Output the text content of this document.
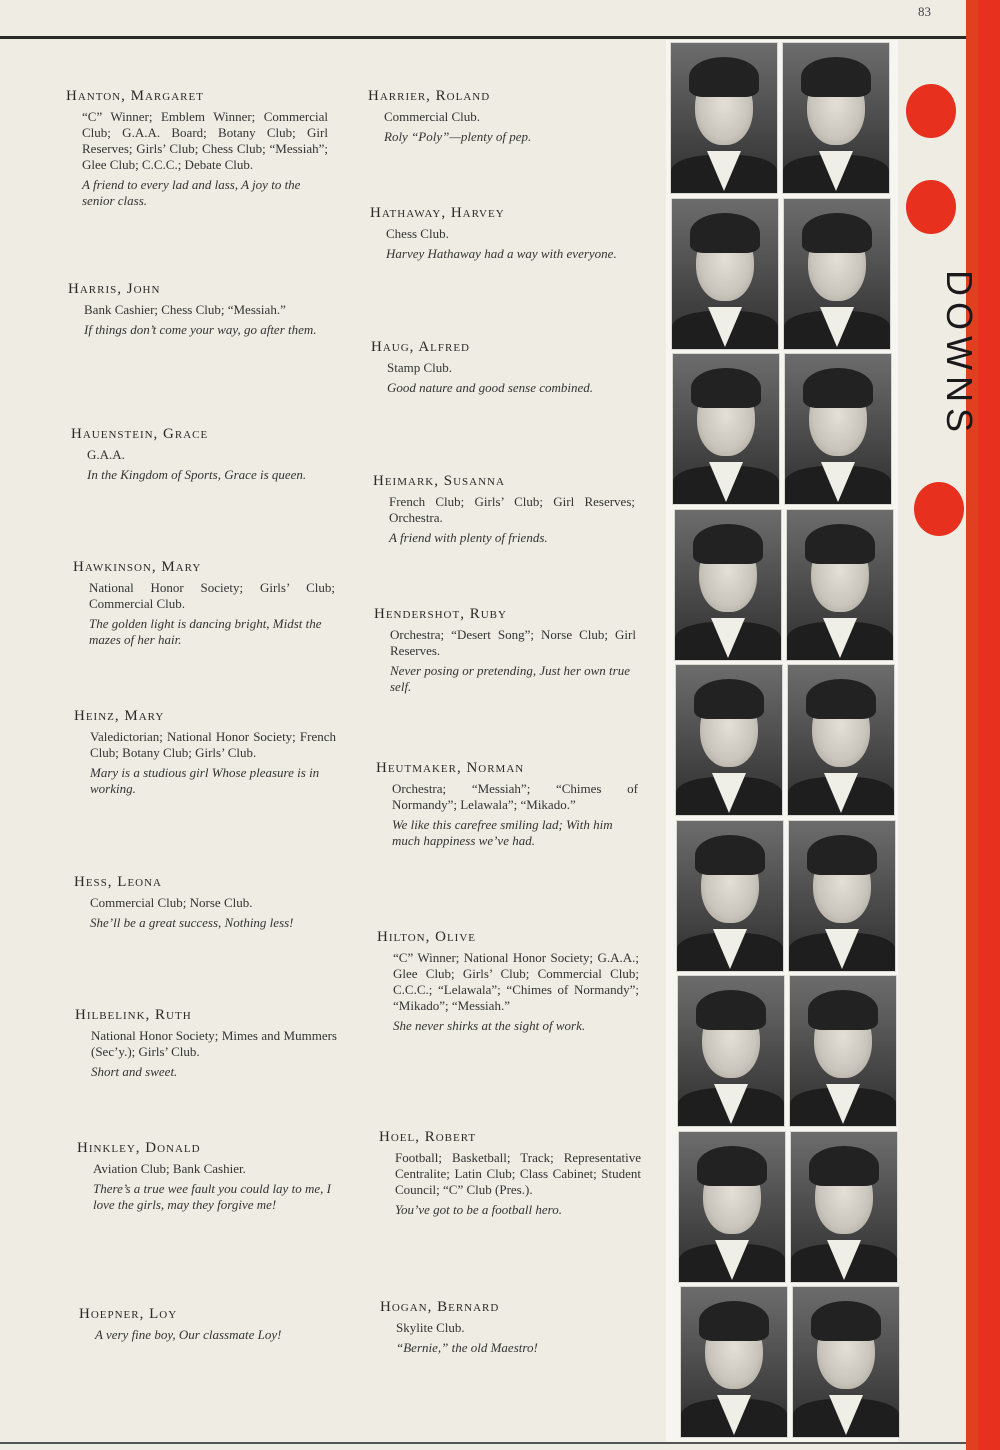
83
DOWNS
Hanton, Margaret
“C” Winner; Emblem Winner; Commercial Club; G.A.A. Board; Botany Club; Girl Reserves; Girls’ Club; Chess Club; “Messiah”; Glee Club; C.C.C.; Debate Club.
A friend to every lad and lass, A joy to the senior class.
Harris, John
Bank Cashier; Chess Club; “Messiah.”
If things don’t come your way, go after them.
Hauenstein, Grace
G.A.A.
In the Kingdom of Sports, Grace is queen.
Hawkinson, Mary
National Honor Society; Girls’ Club; Commercial Club.
The golden light is dancing bright, Midst the mazes of her hair.
Heinz, Mary
Valedictorian; National Honor Society; French Club; Botany Club; Girls’ Club.
Mary is a studious girl Whose pleasure is in working.
Hess, Leona
Commercial Club; Norse Club.
She’ll be a great success, Nothing less!
Hilbelink, Ruth
National Honor Society; Mimes and Mummers (Sec’y.); Girls’ Club.
Short and sweet.
Hinkley, Donald
Aviation Club; Bank Cashier.
There’s a true wee fault you could lay to me, I love the girls, may they forgive me!
Hoepner, Loy
A very fine boy, Our classmate Loy!
Harrier, Roland
Commercial Club.
Roly “Poly”—plenty of pep.
Hathaway, Harvey
Chess Club.
Harvey Hathaway had a way with everyone.
Haug, Alfred
Stamp Club.
Good nature and good sense combined.
Heimark, Susanna
French Club; Girls’ Club; Girl Reserves; Orchestra.
A friend with plenty of friends.
Hendershot, Ruby
Orchestra; “Desert Song”; Norse Club; Girl Reserves.
Never posing or pretending, Just her own true self.
Heutmaker, Norman
Orchestra; “Messiah”; “Chimes of Normandy”; Lelawala”; “Mikado.”
We like this carefree smiling lad; With him much happiness we’ve had.
Hilton, Olive
“C” Winner; National Honor Society; G.A.A.; Glee Club; Girls’ Club; Commercial Club; C.C.C.; “Lelawala”; “Chimes of Normandy”; “Mikado”; “Messiah.”
She never shirks at the sight of work.
Hoel, Robert
Football; Basketball; Track; Representative Centralite; Latin Club; Class Cabinet; Student Council; “C” Club (Pres.).
You’ve got to be a football hero.
Hogan, Bernard
Skylite Club.
“Bernie,” the old Maestro!
